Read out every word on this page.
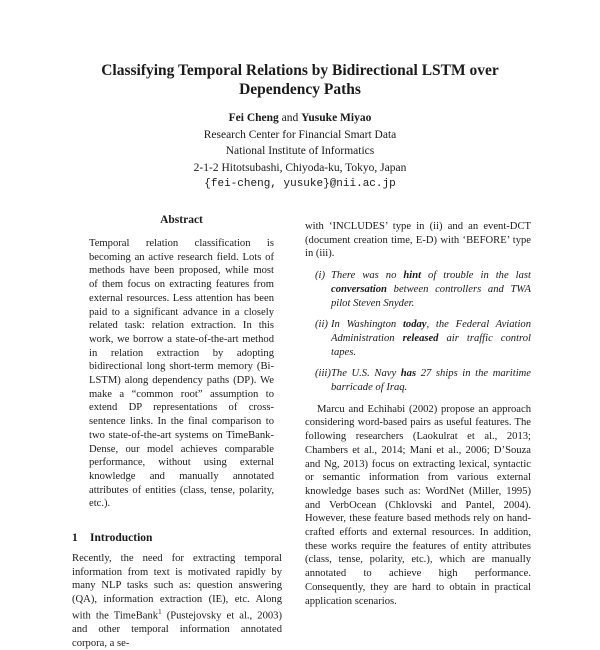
Classifying Temporal Relations by Bidirectional LSTM over Dependency Paths
Fei Cheng and Yusuke Miyao
Research Center for Financial Smart Data
National Institute of Informatics
2-1-2 Hitotsubashi, Chiyoda-ku, Tokyo, Japan
{fei-cheng, yusuke}@nii.ac.jp
Abstract

Temporal relation classification is becoming an active research field. Lots of methods have been proposed, while most of them focus on extracting features from external resources. Less attention has been paid to a significant advance in a closely related task: relation extraction. In this work, we borrow a state-of-the-art method in relation extraction by adopting bidirectional long short-term memory (Bi-LSTM) along dependency paths (DP). We make a “common root” assumption to extend DP representations of cross-sentence links. In the final comparison to two state-of-the-art systems on TimeBank-Dense, our model achieves comparable performance, without using external knowledge and manually annotated attributes of entities (class, tense, polarity, etc.).

1 Introduction
Recently, the need for extracting temporal information from text is motivated rapidly by many NLP tasks such as: question answering (QA), information extraction (IE), etc. Along with the TimeBank$^1$ (Pustejovsky et al., 2003) and other temporal information annotated corpora, a se-

with ‘INCLUDES’ type in (ii) and an event-DCT (document creation time, E-D) with ‘BEFORE’ type in (iii).

(i) There was no hint of trouble in the last conversation between controllers and TWA pilot Steven Snyder.
(ii) In Washington today, the Federal Aviation Administration released air traffic control tapes.
(iii) The U.S. Navy has 27 ships in the maritime barricade of Iraq.

Marcu and Echihabi (2002) propose an approach considering word-based pairs as useful features. The following researchers (Laokulrat et al., 2013; Chambers et al., 2014; Mani et al., 2006; D’Souza and Ng, 2013) focus on extracting lexical, syntactic or semantic information from various external knowledge bases such as: WordNet (Miller, 1995) and VerbOcean (Chklovski and Pantel, 2004). However, these feature based methods rely on hand-crafted efforts and external resources. In addition, these works require the features of entity attributes (class, tense, polarity, etc.), which are manually annotated to achieve high performance. Consequently, they are hard to obtain in practical application scenarios.
